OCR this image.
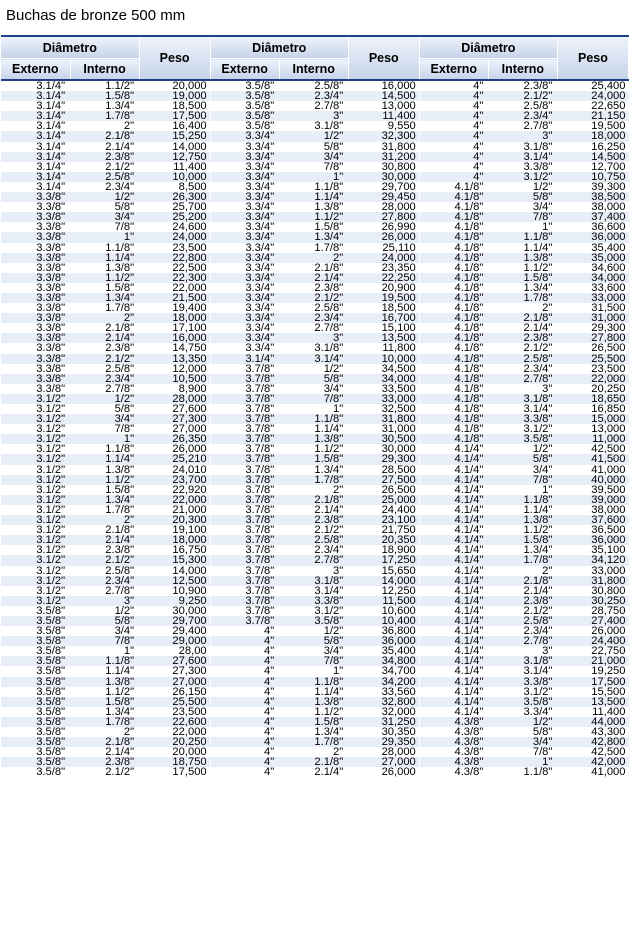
Buchas de bronze 500 mm
Diâmetro		Peso	Diâmetro		Peso	Diâmetro		Peso
Externo	Interno		Externo	Interno		Externo	Interno	
3.1/4"	1.1/2"	20,000	3.5/8"	2.5/8"	16,000	4"	2.3/8"	25,400
3.1/4"	1.5/8"	19,000	3.5/8"	2.3/4"	14,500	4"	2.1/2"	24,000
3.1/4"	1.3/4"	18,500	3.5/8"	2.7/8"	13,000	4"	2.5/8"	22,650
3.1/4"	1.7/8"	17,500	3.5/8"	3"	11,400	4"	2.3/4"	21,150
3.1/4"	2"	16,400	3.5/8"	3.1/8"	9,550	4"	2.7/8"	19,500
3.1/4"	2.1/8"	15,250	3.3/4"	1/2"	32,300	4"	3"	18,000
3.1/4"	2.1/4"	14,000	3.3/4"	5/8"	31,800	4"	3.1/8"	16,250
3.1/4"	2.3/8"	12,750	3.3/4"	3/4"	31,200	4"	3.1/4"	14,500
3.1/4"	2.1/2"	11,400	3.3/4"	7/8"	30,800	4"	3.3/8"	12,700
3.1/4"	2.5/8"	10,000	3.3/4"	1"	30,000	4"	3.1/2"	10,750
3.1/4"	2.3/4"	8,500	3.3/4"	1.1/8"	29,700	4.1/8"	1/2"	39,300
3.3/8"	1/2"	26,300	3.3/4"	1.1/4"	29,450	4.1/8"	5/8"	38,500
3.3/8"	5/8"	25,700	3.3/4"	1.3/8"	28,000	4.1/8"	3/4"	38,000
3.3/8"	3/4"	25,200	3.3/4"	1.1/2"	27,800	4.1/8"	7/8"	37,400
3.3/8"	7/8"	24,600	3.3/4"	1.5/8"	26,990	4.1/8"	1"	36,600
3.3/8"	1"	24,000	3.3/4"	1.3/4"	26,000	4.1/8"	1.1/8"	36,000
3.3/8"	1.1/8"	23,500	3.3/4"	1.7/8"	25,110	4.1/8"	1.1/4"	35,400
3.3/8"	1.1/4"	22,800	3.3/4"	2"	24,000	4.1/8"	1.3/8"	35,000
3.3/8"	1.3/8"	22,500	3.3/4"	2.1/8"	23,350	4.1/8"	1.1/2"	34,600
3.3/8"	1.1/2"	22,300	3.3/4"	2.1/4"	22,250	4.1/8"	1.5/8"	34,000
3.3/8"	1.5/8"	22,000	3.3/4"	2.3/8"	20,900	4.1/8"	1.3/4"	33,600
3.3/8"	1.3/4"	21,500	3.3/4"	2.1/2"	19,500	4.1/8"	1.7/8"	33,000
3.3/8"	1.7/8"	19,400	3.3/4"	2.5/8"	18,500	4.1/8"	2"	31,500
3.3/8"	2"	18,000	3.3/4"	2.3/4"	16,700	4.1/8"	2.1/8"	31,000
3.3/8"	2.1/8"	17,100	3.3/4"	2.7/8"	15,100	4.1/8"	2.1/4"	29,300
3.3/8"	2.1/4"	16,000	3.3/4"	3"	13,500	4.1/8"	2.3/8"	27,800
3.3/8"	2.3/8"	14,750	3.3/4"	3.1/8"	11,800	4.1/8"	2.1/2"	26,500
3.3/8"	2.1/2"	13,350	3.1/4"	3.1/4"	10,000	4.1/8"	2.5/8"	25,500
3.3/8"	2.5/8"	12,000	3.7/8"	1/2"	34,500	4.1/8"	2.3/4"	23,500
3.3/8"	2.3/4"	10,500	3.7/8"	5/8"	34,000	4.1/8"	2.7/8"	22,000
3.3/8"	2.7/8"	8,900	3.7/8"	3/4"	33,500	4.1/8"	3"	20,250
3.1/2"	1/2"	28,000	3.7/8"	7/8"	33,000	4.1/8"	3.1/8"	18,650
3.1/2"	5/8"	27,600	3.7/8"	1"	32,500	4.1/8"	3.1/4"	16,850
3.1/2"	3/4"	27,300	3.7/8"	1.1/8"	31,800	4.1/8"	3.3/8"	15,000
3.1/2"	7/8"	27,000	3.7/8"	1.1/4"	31,000	4.1/8"	3.1/2"	13,000
3.1/2"	1"	26,350	3.7/8"	1.3/8"	30,500	4.1/8"	3.5/8"	11,000
3.1/2"	1.1/8"	26,000	3.7/8"	1.1/2"	30,000	4.1/4"	1/2"	42,500
3.1/2"	1.1/4"	25,210	3.7/8"	1.5/8"	29,300	4.1/4"	5/8"	41,500
3.1/2"	1.3/8"	24,010	3.7/8"	1.3/4"	28,500	4.1/4"	3/4"	41,000
3.1/2"	1.1/2"	23,700	3.7/8"	1.7/8"	27,500	4.1/4"	7/8"	40,000
3.1/2"	1.5/8"	22,920	3.7/8"	2"	26,500	4.1/4"	1"	39,500
3.1/2"	1.3/4"	22,000	3.7/8"	2.1/8"	25,000	4.1/4"	1.1/8"	39,000
3.1/2"	1.7/8"	21,000	3.7/8"	2.1/4"	24,400	4.1/4"	1.1/4"	38,000
3.1/2"	2"	20,300	3.7/8"	2.3/8"	23,100	4.1/4"	1.3/8"	37,600
3.1/2"	2.1/8"	19,100	3.7/8"	2.1/2"	21,750	4.1/4"	1.1/2"	36,500
3.1/2"	2.1/4"	18,000	3.7/8"	2.5/8"	20,350	4.1/4"	1.5/8"	36,000
3.1/2"	2.3/8"	16,750	3.7/8"	2.3/4"	18,900	4.1/4"	1.3/4"	35,100
3.1/2"	2.1/2"	15,300	3.7/8"	2.7/8"	17,250	4.1/4"	1.7/8"	34,120
3.1/2"	2.5/8"	14,000	3.7/8"	3"	15,650	4.1/4"	2"	33,000
3.1/2"	2.3/4"	12,500	3.7/8"	3.1/8"	14,000	4.1/4"	2.1/8"	31,800
3.1/2"	2.7/8"	10,900	3.7/8"	3.1/4"	12,250	4.1/4"	2.1/4"	30,800
3.1/2"	3"	9,250	3.7/8"	3.3/8"	11,500	4.1/4"	2.3/8"	30,250
3.5/8"	1/2"	30,000	3.7/8"	3.1/2"	10,600	4.1/4"	2.1/2"	28,750
3.5/8"	5/8"	29,700	3.7/8"	3.5/8"	10,400	4.1/4"	2.5/8"	27,400
3.5/8"	3/4"	29,400	4"	1/2"	36,800	4.1/4"	2.3/4"	26,000
3.5/8"	7/8"	29,000	4"	5/8"	36,000	4.1/4"	2.7/8"	24,400
3.5/8"	1"	28,00	4"	3/4"	35,400	4.1/4"	3"	22,750
3.5/8"	1.1/8"	27,600	4"	7/8"	34,800	4.1/4"	3.1/8"	21,000
3.5/8"	1.1/4"	27,300	4"	1"	34,700	4.1/4"	3.1/4"	19,250
3.5/8"	1.3/8"	27,000	4"	1.1/8"	34,200	4.1/4"	3.3/8"	17,500
3.5/8"	1.1/2"	26,150	4"	1.1/4"	33,560	4.1/4"	3.1/2"	15,500
3.5/8"	1.5/8"	25,500	4"	1.3/8"	32,800	4.1/4"	3.5/8"	13,500
3.5/8"	1.3/4"	23,500	4"	1.1/2"	32,000	4.1/4"	3.3/4"	11,400
3.5/8"	1.7/8"	22,600	4"	1.5/8"	31,250	4.3/8"	1/2"	44,000
3.5/8"	2"	22,000	4"	1.3/4"	30,350	4.3/8"	5/8"	43,300
3.5/8"	2.1/8"	20,250	4"	1.7/8"	29,350	4.3/8"	3/4"	42,800
3.5/8"	2.1/4"	20,000	4"	2"	28,000	4.3/8"	7/8"	42,500
3.5/8"	2.3/8"	18,750	4"	2.1/8"	27,000	4.3/8"	1"	42,000
3.5/8"	2.1/2"	17,500	4"	2.1/4"	26,000	4.3/8"	1.1/8"	41,000
